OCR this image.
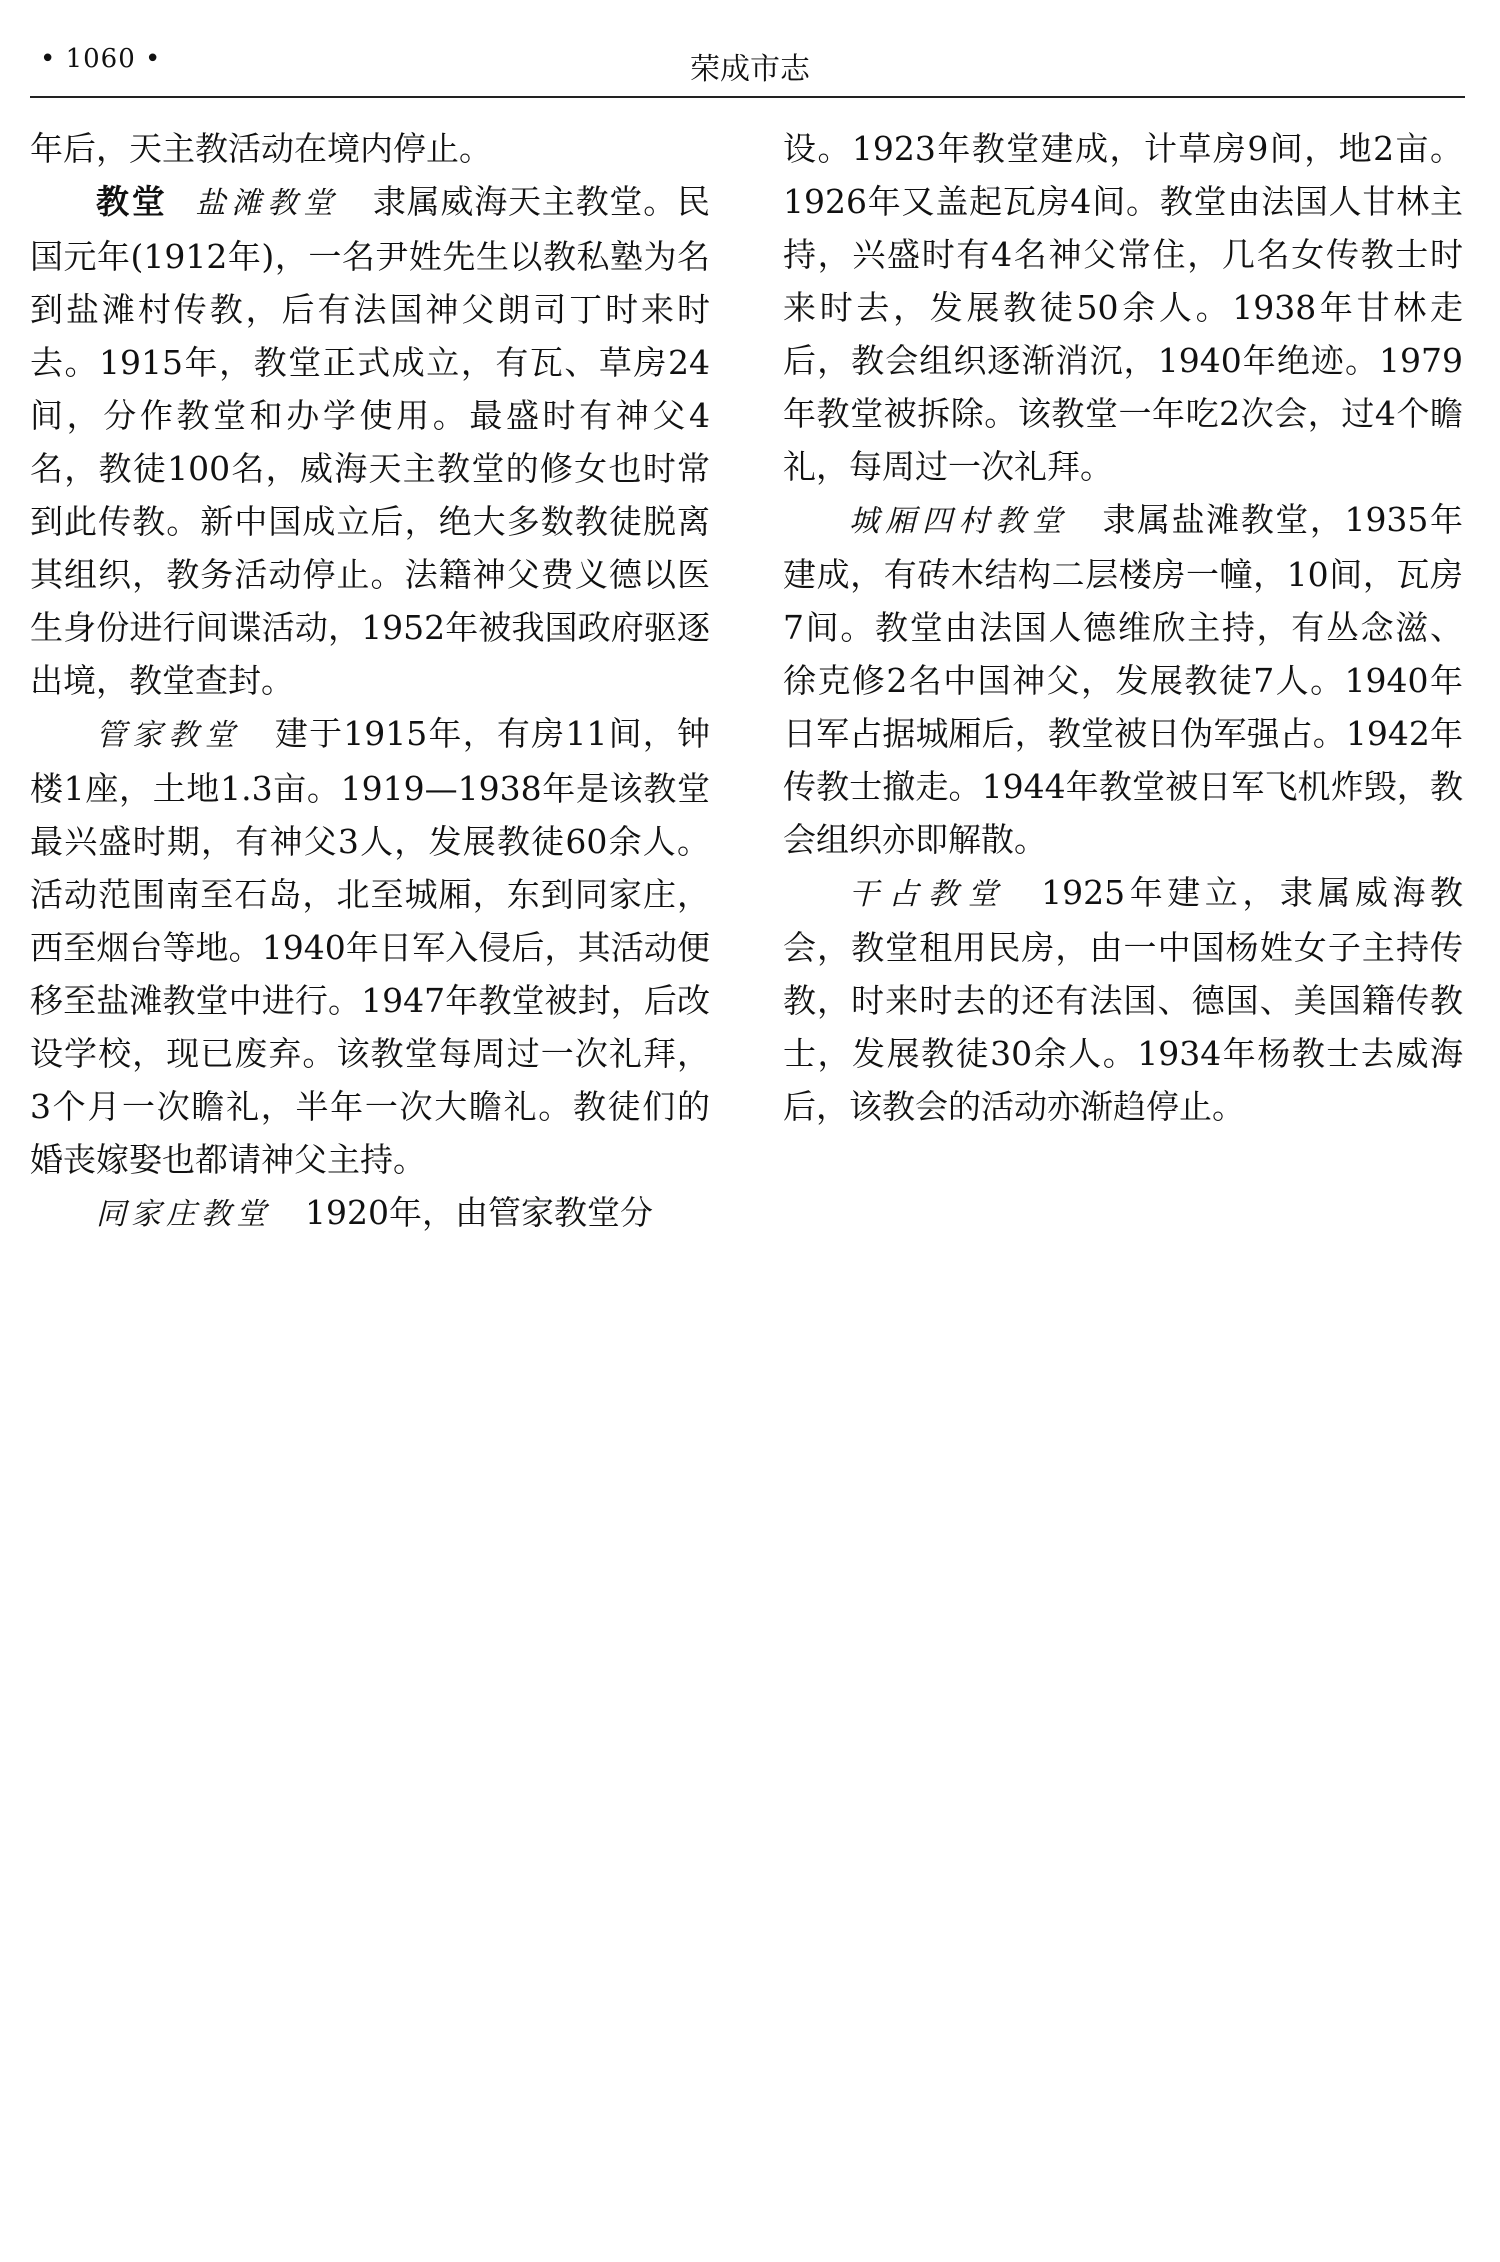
• 1060 •	荣成市志

年后，天主教活动在境内停止。

教堂 盐滩教堂 隶属威海天主教堂。民国元年(1912年)，一名尹姓先生以教私塾为名到盐滩村传教，后有法国神父朗司丁时来时去。1915年，教堂正式成立，有瓦、草房24间，分作教堂和办学使用。最盛时有神父4名，教徒100名，威海天主教堂的修女也时常到此传教。新中国成立后，绝大多数教徒脱离其组织，教务活动停止。法籍神父费义德以医生身份进行间谍活动，1952年被我国政府驱逐出境，教堂查封。

管家教堂 建于1915年，有房11间，钟楼1座，土地1.3亩。1919—1938年是该教堂最兴盛时期，有神父3人，发展教徒60余人。活动范围南至石岛，北至城厢，东到同家庄，西至烟台等地。1940年日军入侵后，其活动便移至盐滩教堂中进行。1947年教堂被封，后改设学校，现已废弃。该教堂每周过一次礼拜，3个月一次瞻礼，半年一次大瞻礼。教徒们的婚丧嫁娶也都请神父主持。

同家庄教堂 1920年，由管家教堂分

设。1923年教堂建成，计草房9间，地2亩。1926年又盖起瓦房4间。教堂由法国人甘林主持，兴盛时有4名神父常住，几名女传教士时来时去，发展教徒50余人。1938年甘林走后，教会组织逐渐消沉，1940年绝迹。1979年教堂被拆除。该教堂一年吃2次会，过4个瞻礼，每周过一次礼拜。

城厢四村教堂 隶属盐滩教堂，1935年建成，有砖木结构二层楼房一幢，10间，瓦房7间。教堂由法国人德维欣主持，有丛念滋、徐克修2名中国神父，发展教徒7人。1940年日军占据城厢后，教堂被日伪军强占。1942年传教士撤走。1944年教堂被日军飞机炸毁，教会组织亦即解散。

干占教堂 1925年建立，隶属威海教会，教堂租用民房，由一中国杨姓女子主持传教，时来时去的还有法国、德国、美国籍传教士，发展教徒30余人。1934年杨教士去威海后，该教会的活动亦渐趋停止。
